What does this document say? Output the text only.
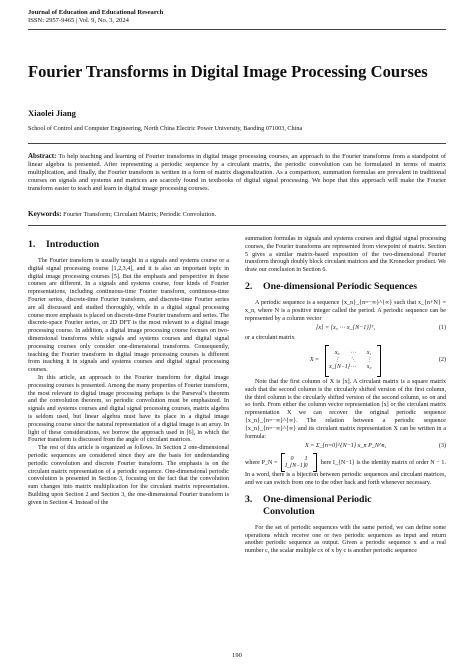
Journal of Education and Educational Research
ISSN: 2957-9465 | Vol. 9, No. 3, 2024
Fourier Transforms in Digital Image Processing Courses
Xiaolei Jiang
School of Control and Computer Engineering, North China Electric Power University, Baoding 071003, China
Abstract: To help teaching and learning of Fourier transforms in digital image processing courses, an approach to the Fourier transforms from a standpoint of linear algebra is presented. After representing a periodic sequence by a circulant matrix, the periodic convolution can be formulated in terms of matrix multiplication, and finally, the Fourier transform is written in a form of matrix diagonalization. As a comparison, summation formulas are prevalent in traditional courses on signals and systems and matrices are scarcely found in textbooks of digital signal processing. We hope that this approach will make the Fourier transform easier to teach and learn in digital image processing courses.
Keywords: Fourier Transform; Circulant Matrix; Periodic Convolution.
1. Introduction

The Fourier transform is usually taught in a signals and systems course or a digital signal processing course [1,2,3,4], and it is also an important topic in digital image processing courses [5]. But the emphasis and perspective in these courses are different. In a signals and systems course, four kinds of Fourier representations, including continuous-time Fourier transform, continuous-time Fourier series, discrete-time Fourier transform, and discrete-time Fourier series are all discussed and studied thoroughly, while in a digital signal processing course more emphasis is placed on discrete-time Fourier transform and series. The discrete-space Fourier series, or 2D DFT is the most relevant to a digital image processing course. In addition, a digital image processing course focuses on two-dimensional transforms while signals and systems courses and digital signal processing courses only consider one-dimensional transforms. Consequently, teaching the Fourier transform in digital image processing courses is different from teaching it in signals and systems courses and digital signal processing courses.

In this article, an approach to the Fourier transform for digital image processing courses is presented. Among the many properties of Fourier transform, the most relevant to digital image processing perhaps is the Parseval’s theorem and the convolution theorem, so periodic convolution must be emphasized. In signals and systems courses and digital signal processing courses, matrix algebra is seldom used, but linear algebra must have its place in a digital image processing course since the natural representation of a digital image is an array. In light of these considerations, we borrow the approach used in [6], in which the Fourier transform is discussed from the angle of circulant matrices.

The rest of this article is organized as follows. In Section 2 one-dimensional periodic sequences are considered since they are the basis for understanding periodic convolution and discrete Fourier transform. The emphasis is on the circulant matrix representation of a periodic sequence. One-dimensional periodic convolution is presented in Section 3, focusing on the fact that the convolution sum changes into matrix multiplication for the circulant matrix representation. Building upon Section 2 and Section 3, the one-dimensional Fourier transform is given in Section 4. Instead of the

summation formulas in signals and systems courses and digital signal processing courses, the Fourier transforms are represented from viewpoint of matrix. Section 5 gives a similar matrix-based exposition of the two-dimensional Fourier transform through doubly block circulant matrices and the Kronecker product. We draw our conclusion in Section 6.

2. One-dimensional Periodic Sequences

A periodic sequence is a sequence {x_n}_{n=−∞}^{∞} such that x_{n+N} = x_n, where N is a positive integer called the period. A periodic sequence can be represented by a column vector

[x] = [x₀ ⋯ x_{N−1}]ᵀ,	(1)

or a circulant matrix

X =
x₀	⋯	x₁
⋮	⋱	⋮
x_{N−1} ⋯	x₀
(2)

Note that the first column of X is [x]. A circulant matrix is a square matrix such that the second column is the circularly shifted version of the first column, the third column is the circularly shifted version of the second column, so on and so forth. From either the column vector representation [x] or the circulant matrix representation X we can recover the original periodic sequence {x_n}_{n=−∞}^{∞}. The relation between a periodic sequence {x_n}_{n=−∞}^{∞} and its circulant matrix representation X can be written in a formula:

X = Σ_{n=0}^{N−1} x_n P_N^n,	(3)

where P_N =
0	1
I_{N−1} 0	here I_{N−1} is the identity matrix of order N − 1. In a word, there is a bijection between periodic sequences and circulant matrices, and we can switch from one to the other back and forth whenever necessary.

3. One-dimensional Periodic
Convolution

For the set of periodic sequences with the same period, we can define some operations which receive one or two periodic sequences as input and return another periodic sequence as output. Given a periodic sequence x and a real number c, the scalar multiple cx of x by c is another periodic sequence

190
